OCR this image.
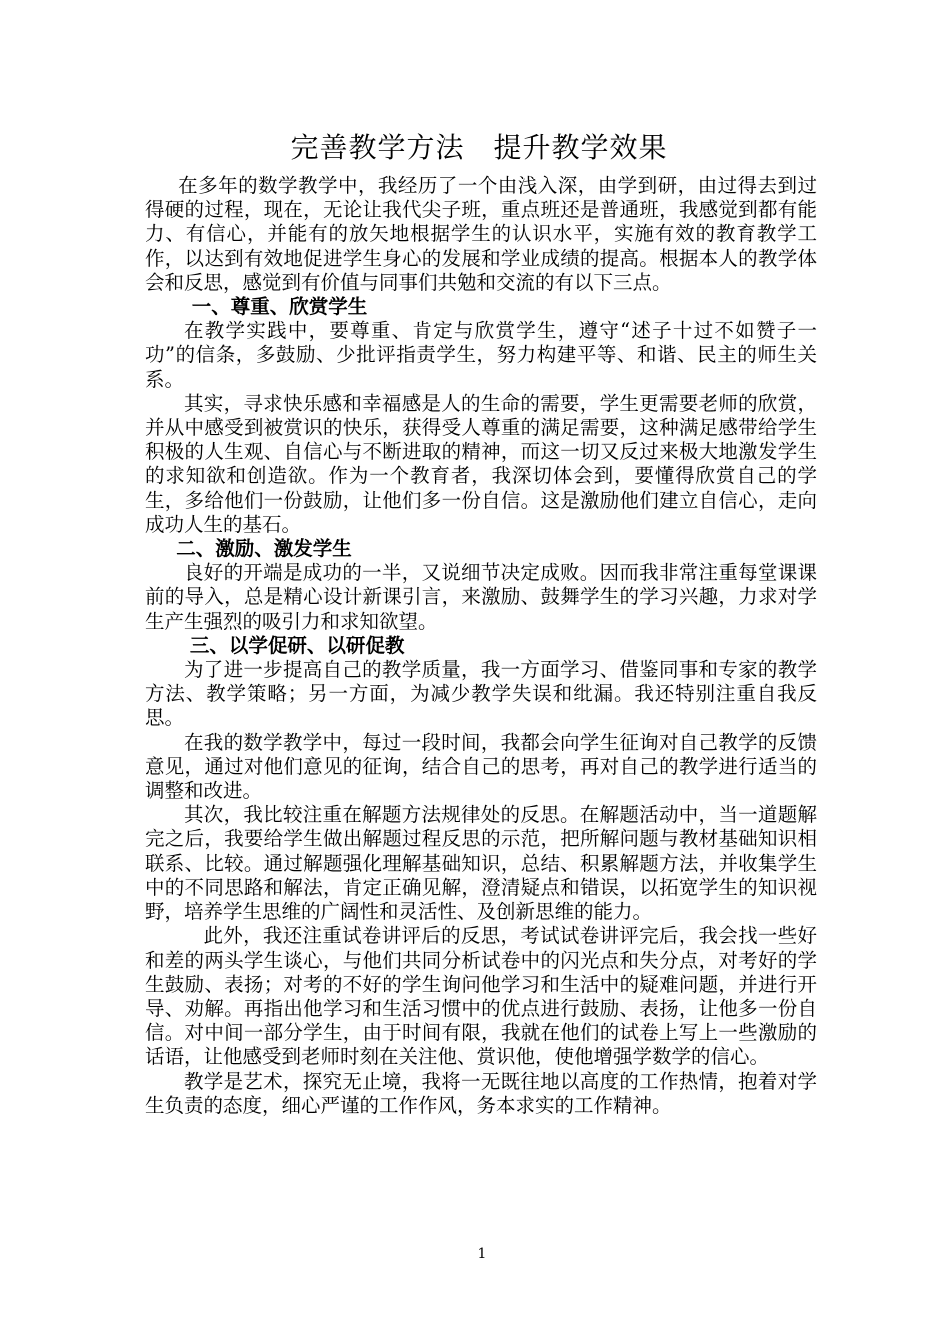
完善教学方法　提升教学效果

在多年的数学教学中，我经历了一个由浅入深，由学到研，由过得去到过得硬的过程，现在，无论让我代尖子班，重点班还是普通班，我感觉到都有能力、有信心，并能有的放矢地根据学生的认识水平，实施有效的教育教学工作，以达到有效地促进学生身心的发展和学业成绩的提高。根据本人的教学体会和反思，感觉到有价值与同事们共勉和交流的有以下三点。

一、尊重、欣赏学生

在教学实践中，要尊重、肯定与欣赏学生，遵守“述子十过不如赞子一功”的信条，多鼓励、少批评指责学生，努力构建平等、和谐、民主的师生关系。

其实，寻求快乐感和幸福感是人的生命的需要，学生更需要老师的欣赏，并从中感受到被赏识的快乐，获得受人尊重的满足需要，这种满足感带给学生积极的人生观、自信心与不断进取的精神，而这一切又反过来极大地激发学生的求知欲和创造欲。作为一个教育者，我深切体会到，要懂得欣赏自己的学生，多给他们一份鼓励，让他们多一份自信。这是激励他们建立自信心，走向成功人生的基石。

二、激励、激发学生

良好的开端是成功的一半，又说细节决定成败。因而我非常注重每堂课课前的导入，总是精心设计新课引言，来激励、鼓舞学生的学习兴趣，力求对学生产生强烈的吸引力和求知欲望。

三、以学促研、以研促教

为了进一步提高自己的教学质量，我一方面学习、借鉴同事和专家的教学方法、教学策略；另一方面，为减少教学失误和纰漏。我还特别注重自我反思。

在我的数学教学中，每过一段时间，我都会向学生征询对自己教学的反馈意见，通过对他们意见的征询，结合自己的思考，再对自己的教学进行适当的调整和改进。

其次，我比较注重在解题方法规律处的反思。在解题活动中，当一道题解完之后，我要给学生做出解题过程反思的示范，把所解问题与教材基础知识相联系、比较。通过解题强化理解基础知识，总结、积累解题方法，并收集学生中的不同思路和解法，肯定正确见解，澄清疑点和错误，以拓宽学生的知识视野，培养学生思维的广阔性和灵活性、及创新思维的能力。

此外，我还注重试卷讲评后的反思，考试试卷讲评完后，我会找一些好和差的两头学生谈心，与他们共同分析试卷中的闪光点和失分点，对考好的学生鼓励、表扬；对考的不好的学生询问他学习和生活中的疑难问题，并进行开导、劝解。再指出他学习和生活习惯中的优点进行鼓励、表扬，让他多一份自信。对中间一部分学生，由于时间有限，我就在他们的试卷上写上一些激励的话语，让他感受到老师时刻在关注他、赏识他，使他增强学数学的信心。

教学是艺术，探究无止境，我将一无既往地以高度的工作热情，抱着对学生负责的态度，细心严谨的工作作风，务本求实的工作精神。

1
